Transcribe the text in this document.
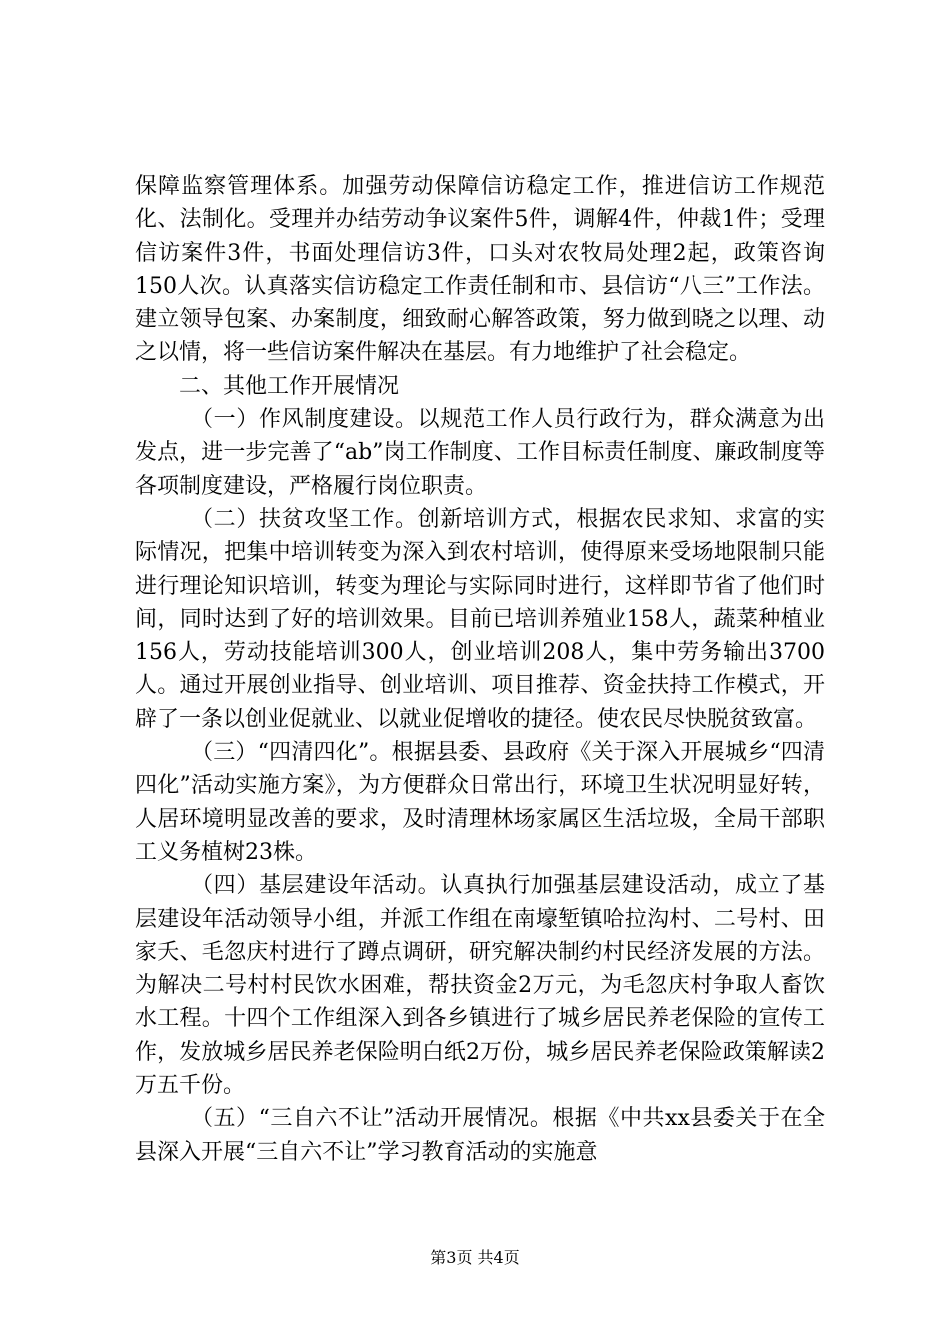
保障监察管理体系。加强劳动保障信访稳定工作，推进信访工作规范化、法制化。受理并办结劳动争议案件5件，调解4件，仲裁1件；受理信访案件3件，书面处理信访3件，口头对农牧局处理2起，政策咨询150人次。认真落实信访稳定工作责任制和市、县信访“八三”工作法。建立领导包案、办案制度，细致耐心解答政策，努力做到晓之以理、动之以情，将一些信访案件解决在基层。有力地维护了社会稳定。

二、其他工作开展情况

（一）作风制度建设。以规范工作人员行政行为，群众满意为出发点，进一步完善了“ab”岗工作制度、工作目标责任制度、廉政制度等各项制度建设，严格履行岗位职责。

（二）扶贫攻坚工作。创新培训方式，根据农民求知、求富的实际情况，把集中培训转变为深入到农村培训，使得原来受场地限制只能进行理论知识培训，转变为理论与实际同时进行，这样即节省了他们时间，同时达到了好的培训效果。目前已培训养殖业158人，蔬菜种植业156人，劳动技能培训300人，创业培训208人，集中劳务输出3700人。通过开展创业指导、创业培训、项目推荐、资金扶持工作模式，开辟了一条以创业促就业、以就业促增收的捷径。使农民尽快脱贫致富。

（三）“四清四化”。根据县委、县政府《关于深入开展城乡“四清四化”活动实施方案》，为方便群众日常出行，环境卫生状况明显好转，人居环境明显改善的要求，及时清理林场家属区生活垃圾，全局干部职工义务植树23株。

（四）基层建设年活动。认真执行加强基层建设活动，成立了基层建设年活动领导小组，并派工作组在南壕堑镇哈拉沟村、二号村、田家夭、毛忽庆村进行了蹲点调研，研究解决制约村民经济发展的方法。为解决二号村村民饮水困难，帮扶资金2万元，为毛忽庆村争取人畜饮水工程。十四个工作组深入到各乡镇进行了城乡居民养老保险的宣传工作，发放城乡居民养老保险明白纸2万份，城乡居民养老保险政策解读2万五千份。

（五）“三自六不让”活动开展情况。根据《中共xx县委关于在全县深入开展“三自六不让”学习教育活动的实施意

第3页 共4页
